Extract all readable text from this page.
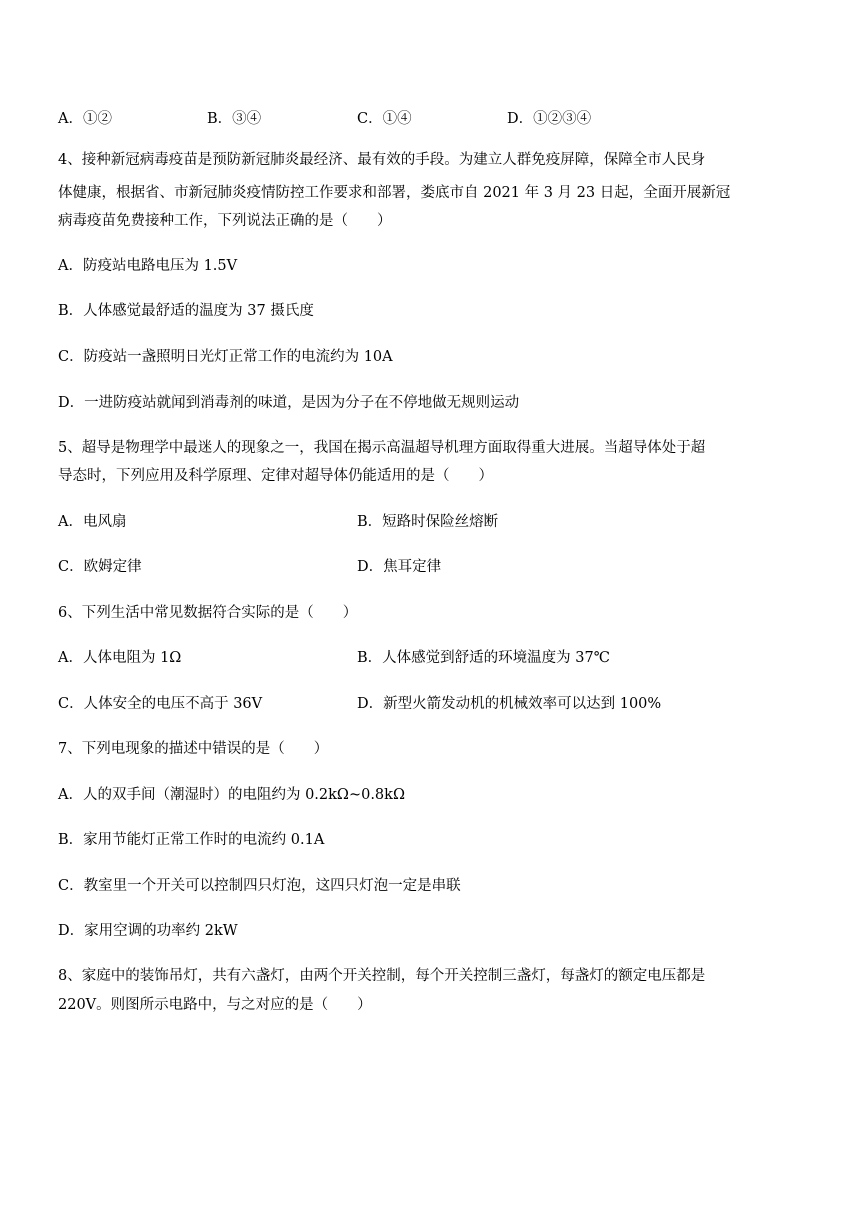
A．①②	B．③④	C．①④	D．①②③④
4、接种新冠病毒疫苗是预防新冠肺炎最经济、最有效的手段。为建立人群免疫屏障，保障全市人民身
体健康，根据省、市新冠肺炎疫情防控工作要求和部署，娄底市自 2021 年 3 月 23 日起，全面开展新冠
病毒疫苗免费接种工作，下列说法正确的是（　　）
A．防疫站电路电压为 1.5V
B．人体感觉最舒适的温度为 37 摄氏度
C．防疫站一盏照明日光灯正常工作的电流约为 10A
D．一进防疫站就闻到消毒剂的味道，是因为分子在不停地做无规则运动
5、超导是物理学中最迷人的现象之一，我国在揭示高温超导机理方面取得重大进展。当超导体处于超
导态时，下列应用及科学原理、定律对超导体仍能适用的是（　　）
A．电风扇	B．短路时保险丝熔断
C．欧姆定律	D．焦耳定律
6、下列生活中常见数据符合实际的是（　　）
A．人体电阻为 1Ω	B．人体感觉到舒适的环境温度为 37℃
C．人体安全的电压不高于 36V	D．新型火箭发动机的机械效率可以达到 100%
7、下列电现象的描述中错误的是（　　）
A．人的双手间（潮湿时）的电阻约为 0.2kΩ~0.8kΩ
B．家用节能灯正常工作时的电流约 0.1A
C．教室里一个开关可以控制四只灯泡，这四只灯泡一定是串联
D．家用空调的功率约 2kW
8、家庭中的装饰吊灯，共有六盏灯，由两个开关控制，每个开关控制三盏灯，每盏灯的额定电压都是
220V。则图所示电路中，与之对应的是（　　）
